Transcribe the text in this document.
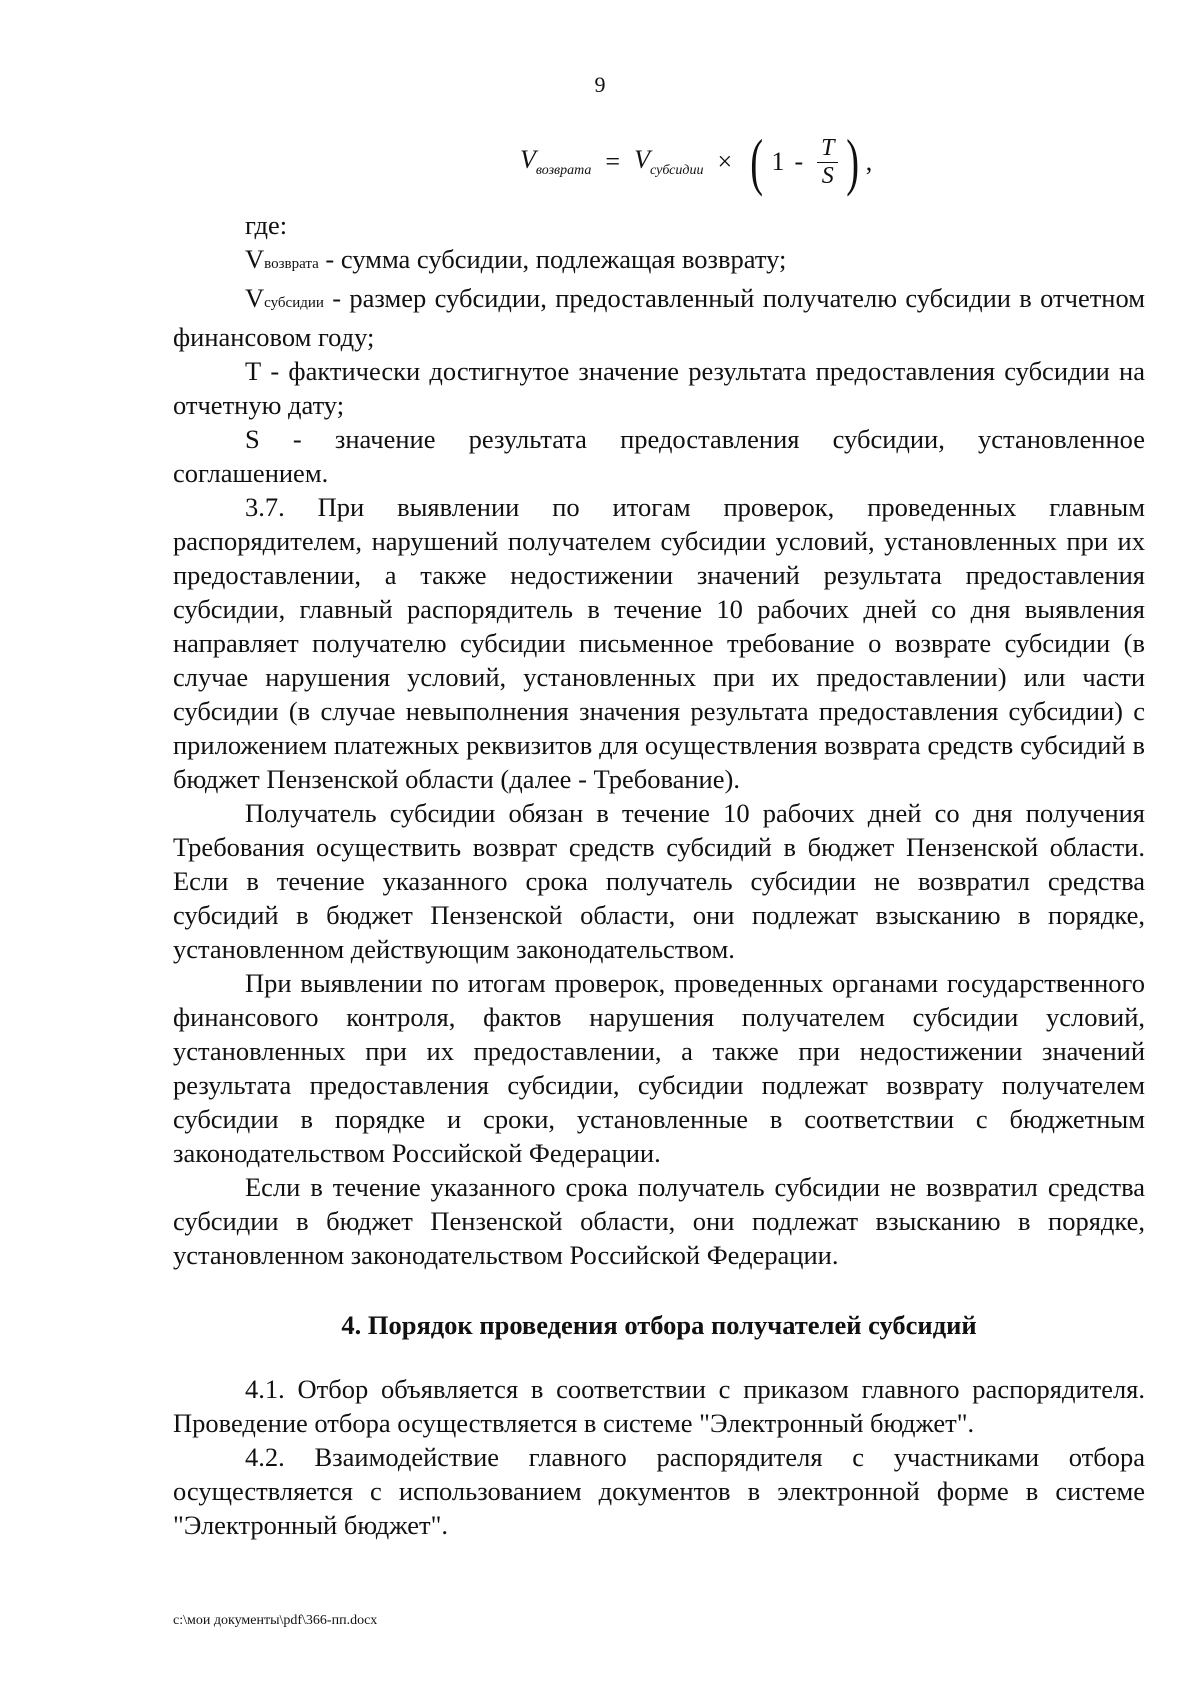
9
$V_{возврата} = V_{субсидии}$ × ( $1 - \frac{T}{S}$ ) ,

где:

Vвозврата - сумма субсидии, подлежащая возврату;

Vсубсидии - размер субсидии, предоставленный получателю субсидии в отчетном финансовом году;

Т - фактически достигнутое значение результата предоставления субсидии на отчетную дату;

S - значение результата предоставления субсидии, установленное соглашением.

3.7. При выявлении по итогам проверок, проведенных главным распорядителем, нарушений получателем субсидии условий, установленных при их предоставлении, а также недостижении значений результата предоставления субсидии, главный распорядитель в течение 10 рабочих дней со дня выявления направляет получателю субсидии письменное требование о возврате субсидии (в случае нарушения условий, установленных при их предоставлении) или части субсидии (в случае невыполнения значения результата предоставления субсидии) с приложением платежных реквизитов для осуществления возврата средств субсидий в бюджет Пензенской области (далее - Требование).

Получатель субсидии обязан в течение 10 рабочих дней со дня получения Требования осуществить возврат средств субсидий в бюджет Пензенской области. Если в течение указанного срока получатель субсидии не возвратил средства субсидий в бюджет Пензенской области, они подлежат взысканию в порядке, установленном действующим законодательством.

При выявлении по итогам проверок, проведенных органами государственного финансового контроля, фактов нарушения получателем субсидии условий, установленных при их предоставлении, а также при недостижении значений результата предоставления субсидии, субсидии подлежат возврату получателем субсидии в порядке и сроки, установленные в соответствии с бюджетным законодательством Российской Федерации.

Если в течение указанного срока получатель субсидии не возвратил средства субсидии в бюджет Пензенской области, они подлежат взысканию в порядке, установленном законодательством Российской Федерации.

4. Порядок проведения отбора получателей субсидий

4.1. Отбор объявляется в соответствии с приказом главного распорядителя. Проведение отбора осуществляется в системе "Электронный бюджет".

4.2. Взаимодействие главного распорядителя с участниками отбора осуществляется с использованием документов в электронной форме в системе "Электронный бюджет".

c:\мои документы\pdf\366-пп.docx
